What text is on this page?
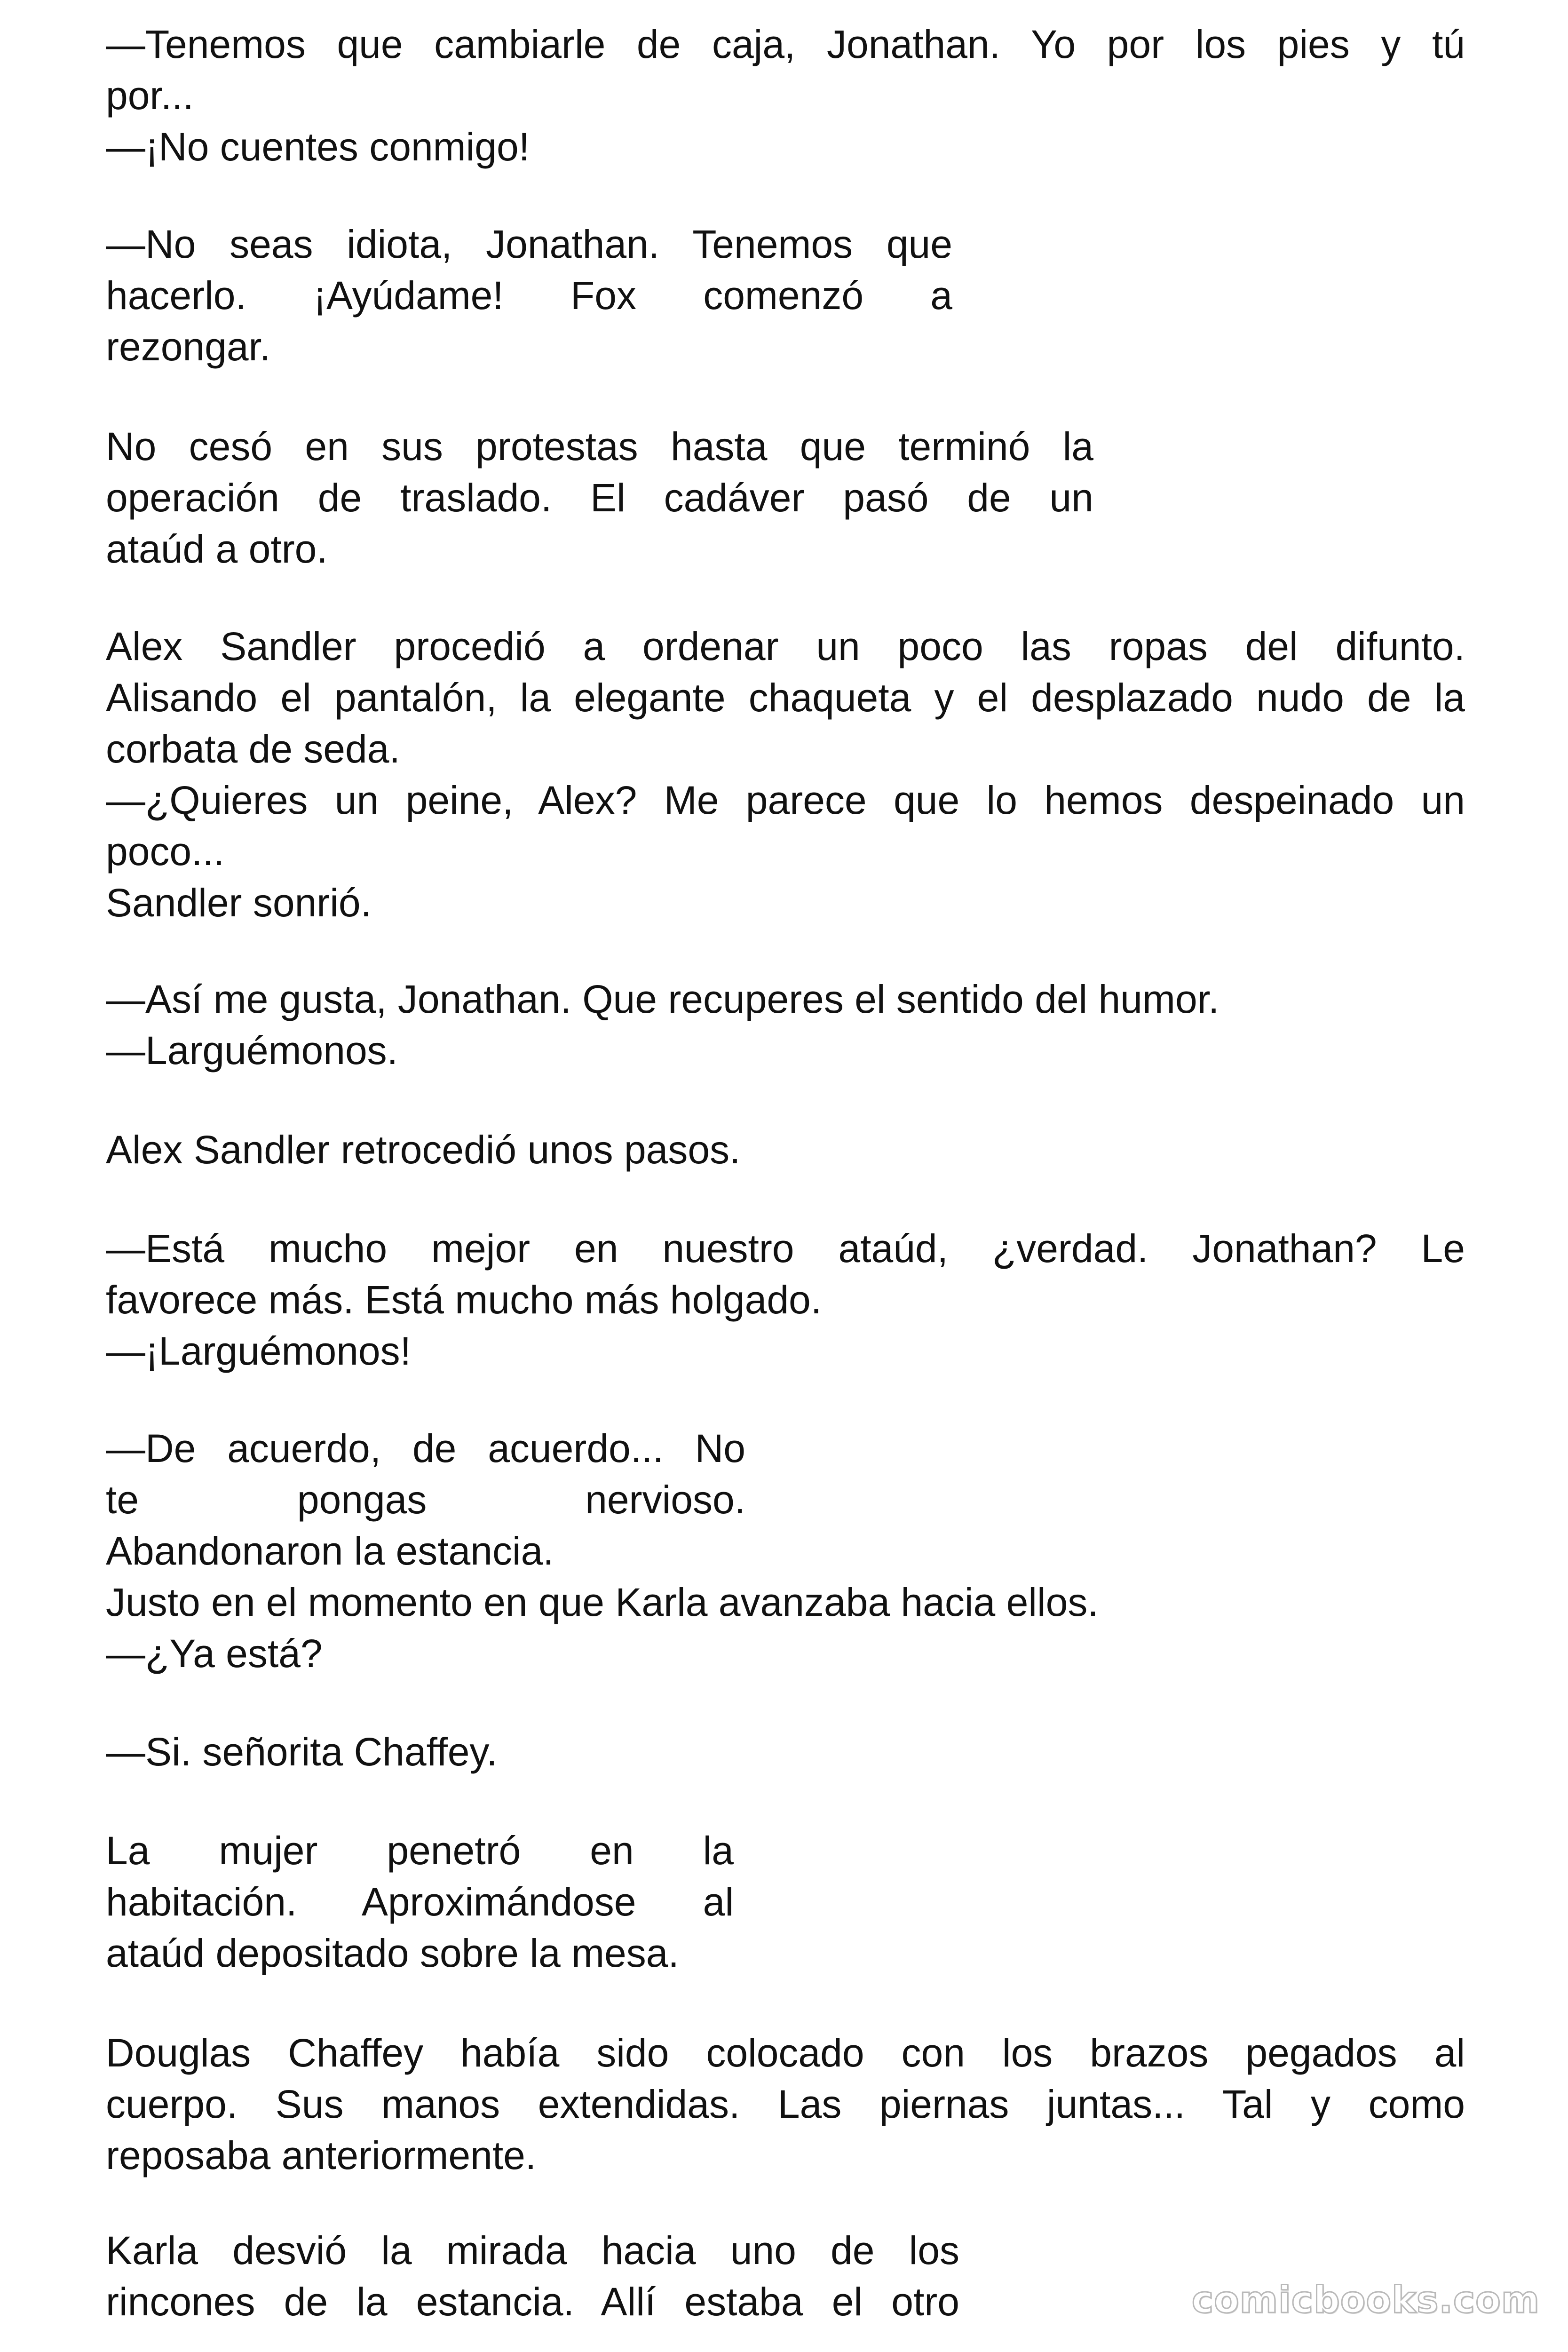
—Tenemos que cambiarle de caja, Jonathan. Yo por los pies y tú
por...
—¡No cuentes conmigo!
—No seas idiota, Jonathan. Tenemos que
hacerlo. ¡Ayúdame! Fox comenzó a
rezongar.
No cesó en sus protestas hasta que terminó la
operación de traslado. El cadáver pasó de un
ataúd a otro.
Alex Sandler procedió a ordenar un poco las ropas del difunto.
Alisando el pantalón, la elegante chaqueta y el desplazado nudo de la
corbata de seda.
—¿Quieres un peine, Alex? Me parece que lo hemos despeinado un
poco...
Sandler sonrió.
—Así me gusta, Jonathan. Que recuperes el sentido del humor.
—Larguémonos.
Alex Sandler retrocedió unos pasos.
—Está mucho mejor en nuestro ataúd, ¿verdad. Jonathan? Le
favorece más. Está mucho más holgado.
—¡Larguémonos!
—De acuerdo, de acuerdo... No
te pongas nervioso.
Abandonaron la estancia.
Justo en el momento en que Karla avanzaba hacia ellos.
—¿Ya está?
—Si. señorita Chaffey.
La mujer penetró en la
habitación. Aproximándose al
ataúd depositado sobre la mesa.
Douglas Chaffey había sido colocado con los brazos pegados al
cuerpo. Sus manos extendidas. Las piernas juntas... Tal y como
reposaba anteriormente.
Karla desvió la mirada hacia uno de los
rincones de la estancia. Allí estaba el otro	comicbooks.com
